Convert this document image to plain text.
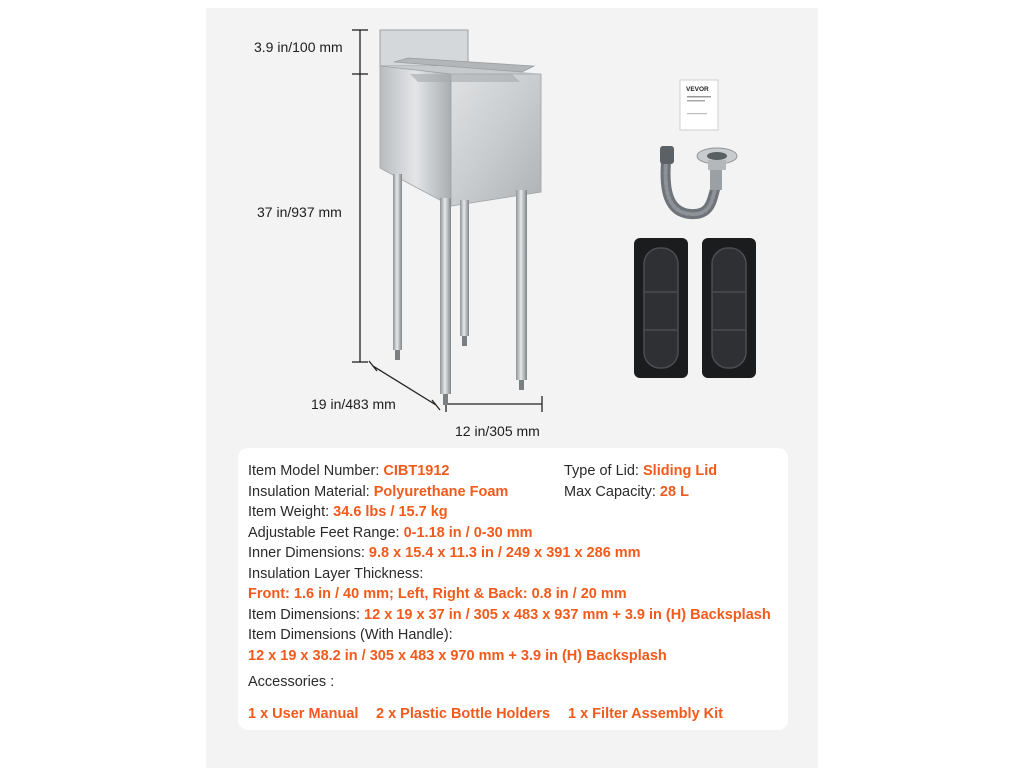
VEVOR
3.9 in/100 mm
37 in/937 mm
19 in/483 mm
12 in/305 mm
Item Model Number: CIBT1912	Type of Lid: Sliding Lid
Insulation Material: Polyurethane Foam	Max Capacity: 28 L
Item Weight: 34.6 lbs / 15.7 kg
Adjustable Feet Range: 0-1.18 in / 0-30 mm
Inner Dimensions: 9.8 x 15.4 x 11.3 in / 249 x 391 x 286 mm
Insulation Layer Thickness:
Front: 1.6 in / 40 mm; Left, Right & Back: 0.8 in / 20 mm
Item Dimensions: 12 x 19 x 37 in / 305 x 483 x 937 mm + 3.9 in (H) Backsplash
Item Dimensions (With Handle):
12 x 19 x 38.2 in / 305 x 483 x 970 mm + 3.9 in (H) Backsplash
Accessories :
1 x User Manual 2 x Plastic Bottle Holders 1 x Filter Assembly Kit
